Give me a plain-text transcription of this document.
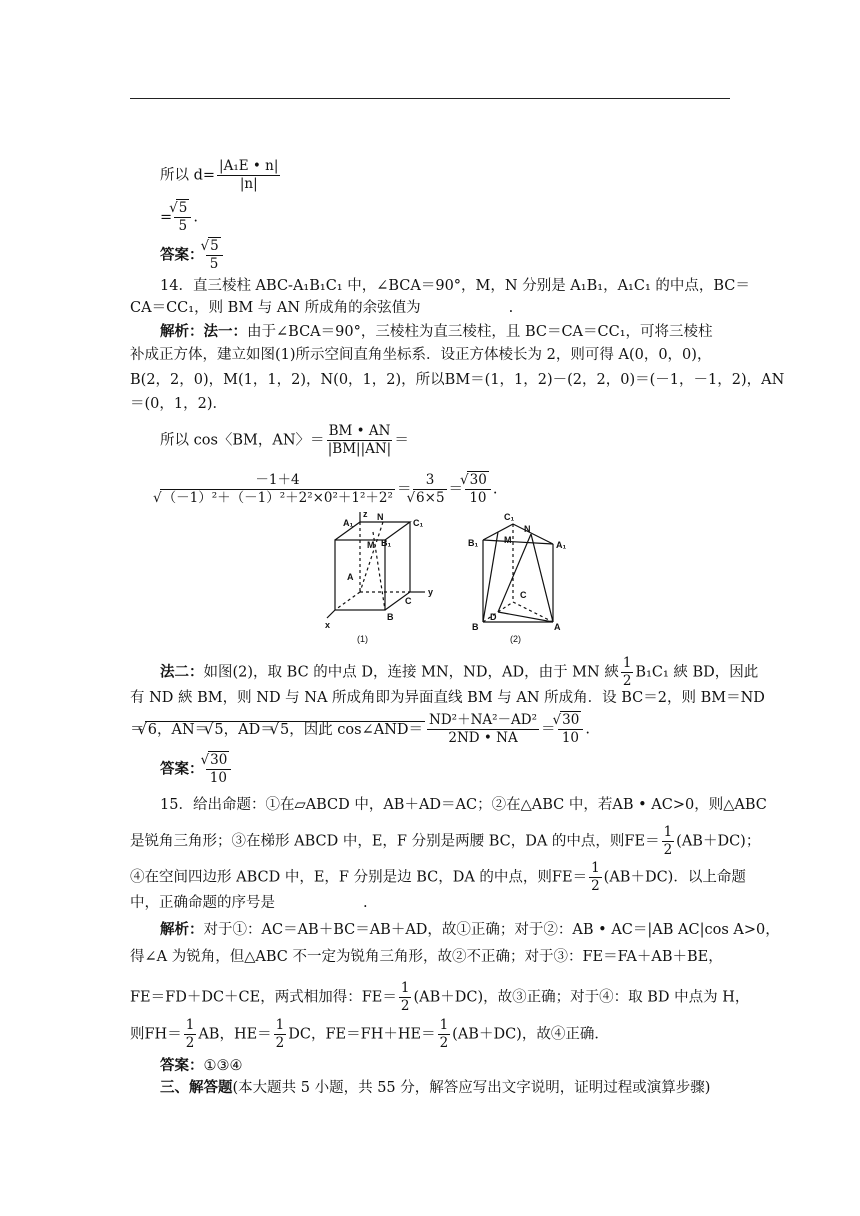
所以 $d= \frac{\text{|A₁E • n|}}{|n|}$
= √ $\frac{5}{5}$ .
答案： √ $\frac{5}{5}$
14．直三棱柱 ABC-A₁B₁C₁ 中，∠BCA＝90°，M，N 分别是 A₁B₁，A₁C₁ 的中点，BC＝
CA＝CC₁，则 BM 与 AN 所成角的余弦值为	.
解析：法一：由于∠BCA＝90°，三棱柱为直三棱柱，且 BC＝CA＝CC₁，可将三棱柱
补成正方体，建立如图(1)所示空间直角坐标系．设正方体棱长为 2，则可得 A(0，0，0)，
B(2，2，0)，M(1，1，2)，N(0，1，2)，所以BM＝(1，1，2)－(2，2，0)＝(－1，－1，2)，AN
＝(0，1，2)．
所以 cos〈BM，AN〉＝ $\frac{BM • AN}{|BM||AN|}$ ＝
－1＋4
√ （－1）²＋（－1）²＋2²×0²＋1²＋2² ＝ 3
√ 6×5 ＝ √ $\frac{30}{10}$ .
A₁
N
C₁
z
M B₁
A
C
y
x
B
(1)
C₁
B₁	M
N
A₁
C
D
B	A
(2)
法二：如图(2)，取 BC 的中点 D，连接 MN，ND，AD，由于 MN 綊 $\frac{1}{2} B_1C_1$ 綊 BD，因此
有 ND 綊 BM，则 ND 与 NA 所成角即为异面直线 BM 与 AN 所成角．设 BC＝2，则 BM＝ND
＝ √ 6，AN＝ √ 5，AD＝ √ 5，因此 cos∠AND＝ $\frac{\text{ND²＋NA²－AD²}}{2ND • NA}$ ＝ √ $\frac{30}{10}$ .
答案： √ $\frac{30}{10}$
15．给出命题：①在▱ABCD 中，AB＋AD＝AC；②在△ABC 中，若AB • AC>0，则△ABC
是锐角三角形；③在梯形 ABCD 中，E，F 分别是两腰 BC，DA 的中点，则$FE= \frac{1}{2} (AB+DC)$；
④在空间四边形 ABCD 中，E，F 分别是边 BC，DA 的中点，则$FE= \frac{1}{2} (AB+DC)$．以上命题
中，正确命题的序号是	.
解析：对于①：AC＝AB＋BC＝AB＋AD，故①正确；对于②：AB • AC＝|AB AC|cos A>0，
得∠A 为锐角，但△ABC 不一定为锐角三角形，故②不正确；对于③：FE＝FA＋AB＋BE，
FE＝FD＋DC＋CE，两式相加得：$FE= \frac{1}{2} (AB+DC)$，故③正确；对于④：取 BD 中点为 H，
则$FH= \frac{1}{2}$ AB，$HE= \frac{1}{2}$ DC，$FE=FH+HE= \frac{1}{2} (AB+DC)$，故④正确．
答案：①③④
三、解答题(本大题共 5 小题，共 55 分，解答应写出文字说明，证明过程或演算步骤)
